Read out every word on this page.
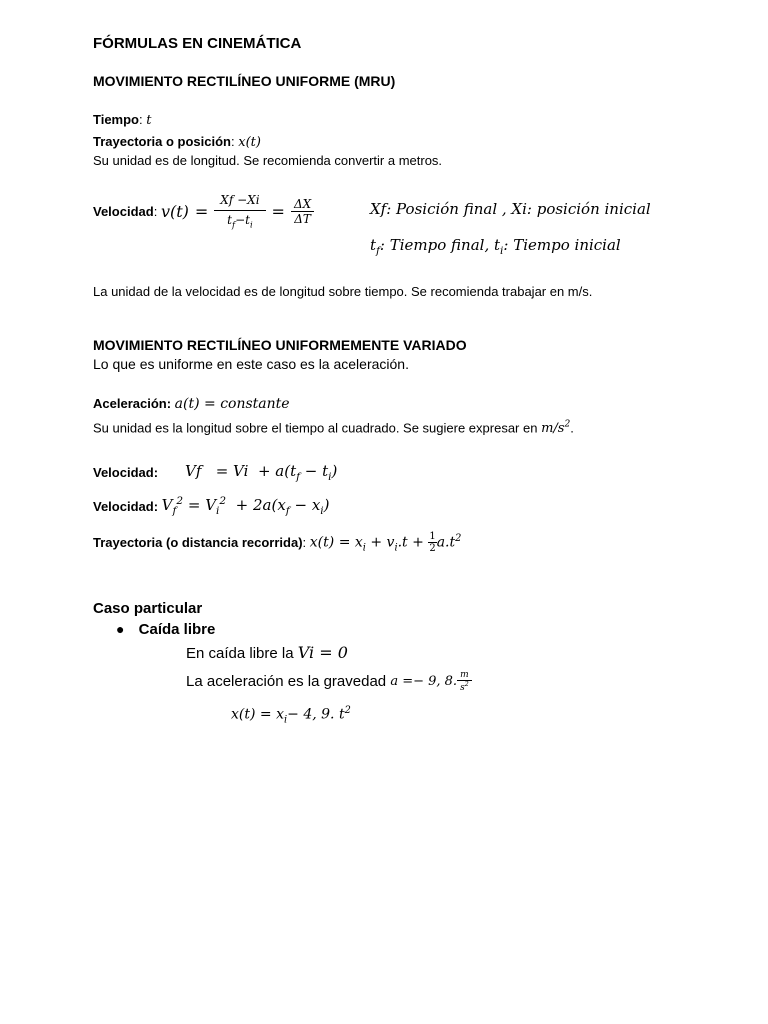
FÓRMULAS EN CINEMÁTICA
MOVIMIENTO RECTILÍNEO UNIFORME (MRU)
Tiempo: t
Trayectoria o posición: x(t)
Su unidad es de longitud. Se recomienda convertir a metros.
Velocidad : $v(t) = \frac{Xf -Xi}{t_f-t_i} = \frac{\Delta X}{\Delta T}$	Xf: Posición final , Xi: posición inicial
$t_f$: Tiempo final, $t_i$: Tiempo inicial
La unidad de la velocidad es de longitud sobre tiempo. Se recomienda trabajar en m/s.
MOVIMIENTO RECTILÍNEO UNIFORMEMENTE VARIADO
Lo que es uniforme en este caso es la aceleración.
Aceleración: a(t) = constante
Su unidad es la longitud sobre el tiempo al cuadrado. Se sugiere expresar en $m/s^2$.
Velocidad:	$Vf = Vi + a(t_f - t_i)$
Velocidad:
$V_f^2 = V_i^2 + 2a(x_f - x_i)$
Trayectoria (o distancia recorrida) :
$x(t) = x_i + v_i.t + \frac{1}{2} a.t^2$
Caso particular
● Caída libre
En caída libre la Vi = 0
La aceleración es la gravedad
a =− 9, 8. $\frac{m}{s^2}$
$x(t) = x_i- 4$, 9. $t^2$
